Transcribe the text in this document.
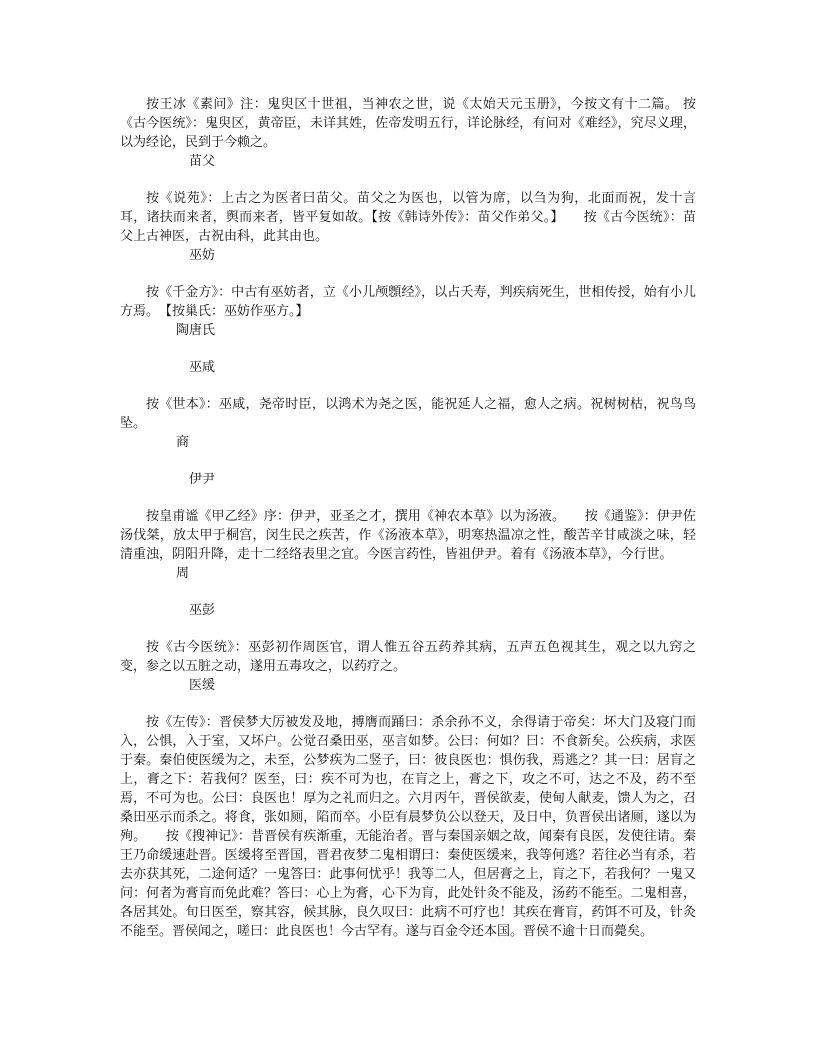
按王冰《素问》注：鬼臾区十世祖，当神农之世，说《太始天元玉册》，今按文有十二篇。 按《古今医统》：鬼臾区，黄帝臣，未详其姓，佐帝发明五行，详论脉经，有问对《难经》，究尽义理，以为经论，民到于今赖之。

苗父

按《说苑》：上古之为医者曰苗父。苗父之为医也，以管为席，以刍为狗，北面而祝，发十言耳，诸扶而来者，舆而来者，皆平复如故。【按《韩诗外传》：苗父作弟父。】　　按《古今医统》：苗父上古神医，古祝由科，此其由也。

巫妨

按《千金方》：中古有巫妨者，立《小儿颅顖经》，以占夭寿，判疾病死生，世相传授，始有小儿方焉。　【按巢氏：巫妨作巫方。】

陶唐氏

巫咸

按《世本》：巫咸，尧帝时臣，以鸿术为尧之医，能祝延人之福，愈人之病。祝树树枯，祝鸟鸟坠。

商

伊尹

按皇甫谧《甲乙经》序：伊尹，亚圣之才，撰用《神农本草》以为汤液。　　按《通鉴》：伊尹佐汤伐桀，放太甲于桐宫，闵生民之疾苦，作《汤液本草》，明寒热温凉之性，酸苦辛甘咸淡之味，轻清重浊，阴阳升降，走十二经络表里之宜。今医言药性，皆祖伊尹。着有《汤液本草》，今行世。

周

巫彭

按《古今医统》：巫彭初作周医官，谓人惟五谷五药养其病，五声五色视其生，观之以九窍之变，参之以五脏之动，遂用五毒攻之，以药疗之。

医缓

按《左传》：晋侯梦大厉被发及地，搏膺而踊曰：杀余孙不义，余得请于帝矣：坏大门及寝门而入，公惧，入于室，又坏户。公觉召桑田巫，巫言如梦。公曰：何如？曰：不食新矣。公疾病，求医于秦。秦伯使医缓为之，未至，公梦疾为二竖子，曰：彼良医也：惧伤我，焉逃之？其一曰：居肓之上，膏之下：若我何？医至，曰：疾不可为也，在肓之上，膏之下，攻之不可，达之不及，药不至焉，不可为也。公曰：良医也！厚为之礼而归之。六月丙午，晋侯欲麦，使甸人献麦，馈人为之，召桑田巫示而杀之。将食，张如厕，陷而卒。小臣有晨梦负公以登天，及日中，负晋侯出诸厕，遂以为殉。　　按《搜神记》：昔晋侯有疾渐重，无能治者。晋与秦国亲姻之故，闻秦有良医，发使往请。秦王乃命缓速赴晋。医缓将至晋国，晋君夜梦二鬼相谓曰：秦使医缓来，我等何逃？若往必当有杀，若去亦获其死，二途何适？一鬼答曰：此事何忧乎！我等二人，但居膏之上，肓之下，若我何？一鬼又问：何者为膏肓而免此难？答曰：心上为膏，心下为肓，此处针灸不能及，汤药不能至。二鬼相喜，各居其处。旬日医至，察其容，候其脉，良久叹曰：此病不可疗也！其疾在膏肓，药饵不可及，针灸不能至。晋侯闻之，嗟曰：此良医也！今古罕有。遂与百金令还本国。晋侯不逾十日而薨矣。
